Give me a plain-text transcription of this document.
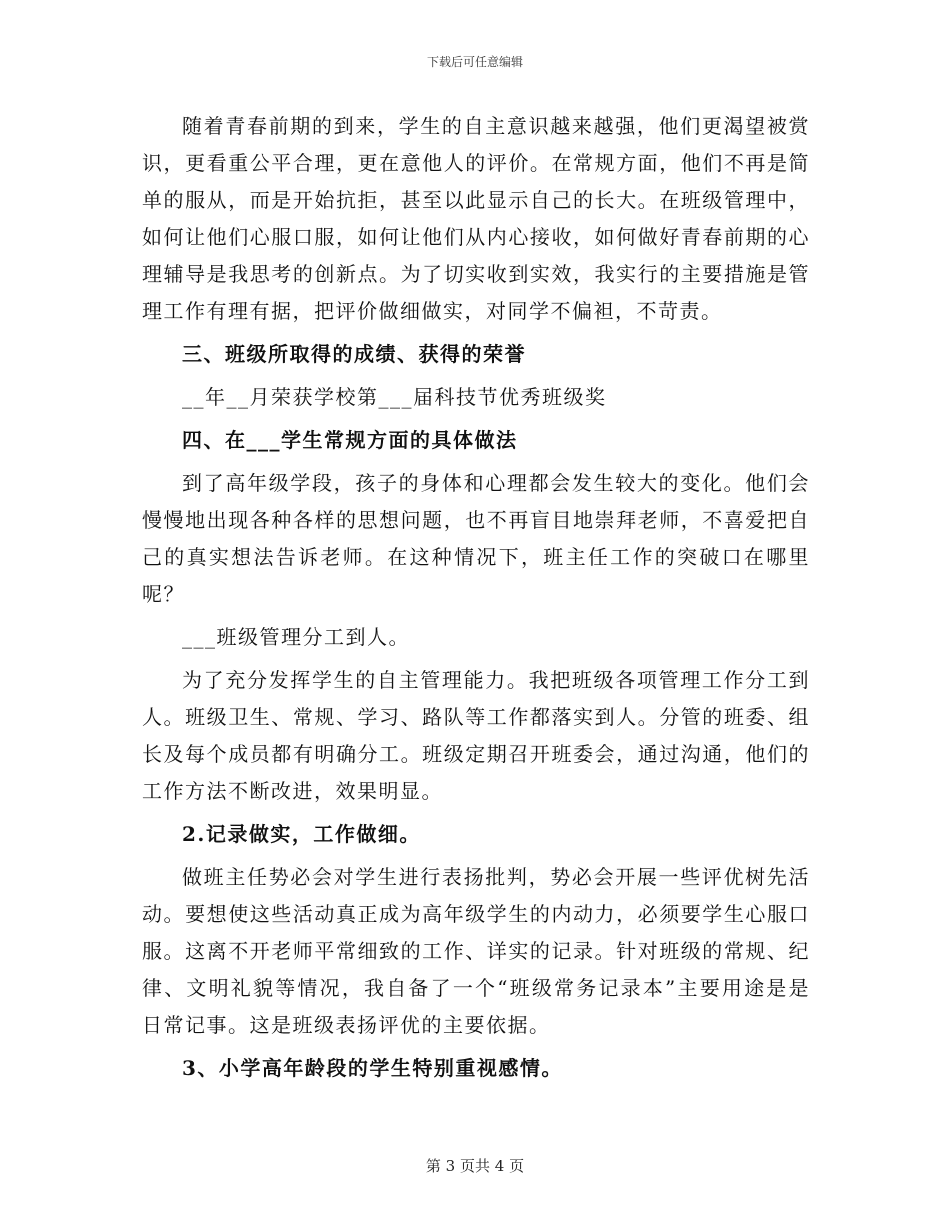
下载后可任意编辑

随着青春前期的到来，学生的自主意识越来越强，他们更渴望被赏识，更看重公平合理，更在意他人的评价。在常规方面，他们不再是简单的服从，而是开始抗拒，甚至以此显示自己的长大。在班级管理中，如何让他们心服口服，如何让他们从内心接收，如何做好青春前期的心理辅导是我思考的创新点。为了切实收到实效，我实行的主要措施是管理工作有理有据，把评价做细做实，对同学不偏袒，不苛责。

三、班级所取得的成绩、获得的荣誉

__年__月荣获学校第___届科技节优秀班级奖

四、在___学生常规方面的具体做法

到了高年级学段，孩子的身体和心理都会发生较大的变化。他们会慢慢地出现各种各样的思想问题，也不再盲目地崇拜老师，不喜爱把自己的真实想法告诉老师。在这种情况下，班主任工作的突破口在哪里呢？

___班级管理分工到人。

为了充分发挥学生的自主管理能力。我把班级各项管理工作分工到人。班级卫生、常规、学习、路队等工作都落实到人。分管的班委、组长及每个成员都有明确分工。班级定期召开班委会，通过沟通，他们的工作方法不断改进，效果明显。

2.记录做实，工作做细。

做班主任势必会对学生进行表扬批判，势必会开展一些评优树先活动。要想使这些活动真正成为高年级学生的内动力，必须要学生心服口服。这离不开老师平常细致的工作、详实的记录。针对班级的常规、纪律、文明礼貌等情况，我自备了一个“班级常务记录本”主要用途是是日常记事。这是班级表扬评优的主要依据。

3、小学高年龄段的学生特别重视感情。

第 3 页共 4 页
